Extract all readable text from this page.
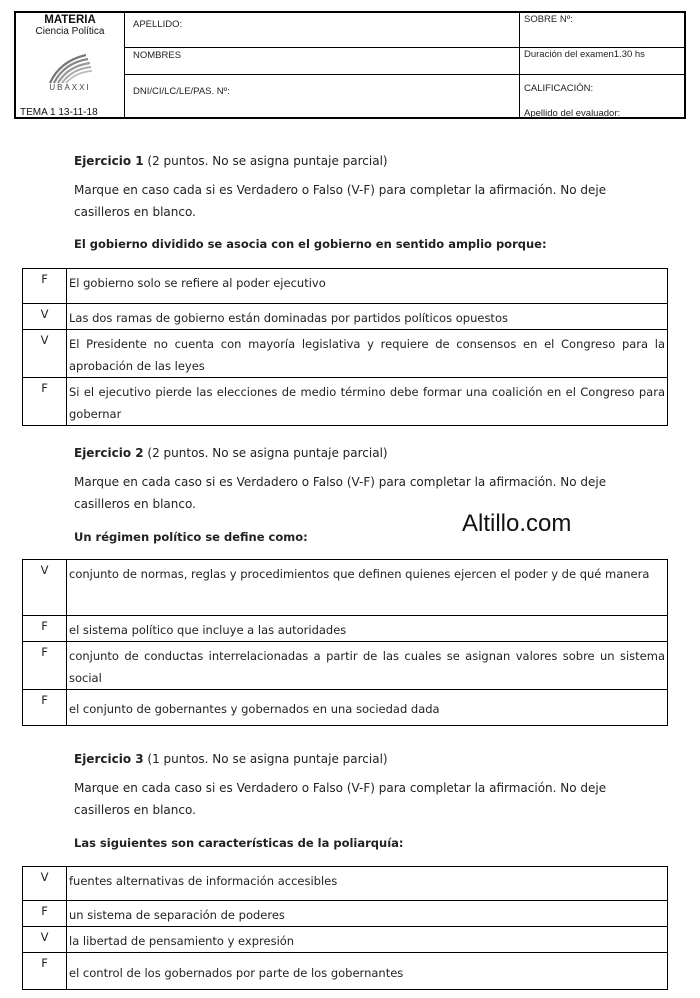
MATERIA
Ciencia Política
UBAXXI
TEMA 1 13-11-18
APELLIDO:
NOMBRES
DNI/CI/LC/LE/PAS. Nº:
SOBRE Nº:
Duración del examen1.30 hs
CALIFICACIÓN:
Apellido del evaluador:
Ejercicio 1 (2 puntos. No se asigna puntaje parcial)
Marque en caso cada si es Verdadero o Falso (V-F) para completar la afirmación. No deje casilleros en blanco.
El gobierno dividido se asocia con el gobierno en sentido amplio porque:
F	El gobierno solo se refiere al poder ejecutivo
V	Las dos ramas de gobierno están dominadas por partidos políticos opuestos
V	El Presidente no cuenta con mayoría legislativa y requiere de consensos en el Congreso para la aprobación de las leyes
F	Si el ejecutivo pierde las elecciones de medio término debe formar una coalición en el Congreso para gobernar
Ejercicio 2 (2 puntos. No se asigna puntaje parcial)
Marque en cada caso si es Verdadero o Falso (V-F) para completar la afirmación. No deje casilleros en blanco.
Un régimen político se define como:	Altillo.com
V	conjunto de normas, reglas y procedimientos que definen quienes ejercen el poder y de qué manera
F	el sistema político que incluye a las autoridades
F	conjunto de conductas interrelacionadas a partir de las cuales se asignan valores sobre un sistema social
F	el conjunto de gobernantes y gobernados en una sociedad dada
Ejercicio 3 (1 puntos. No se asigna puntaje parcial)
Marque en cada caso si es Verdadero o Falso (V-F) para completar la afirmación. No deje casilleros en blanco.
Las siguientes son características de la poliarquía:
V	fuentes alternativas de información accesibles
F	un sistema de separación de poderes
V	la libertad de pensamiento y expresión
F	el control de los gobernados por parte de los gobernantes
